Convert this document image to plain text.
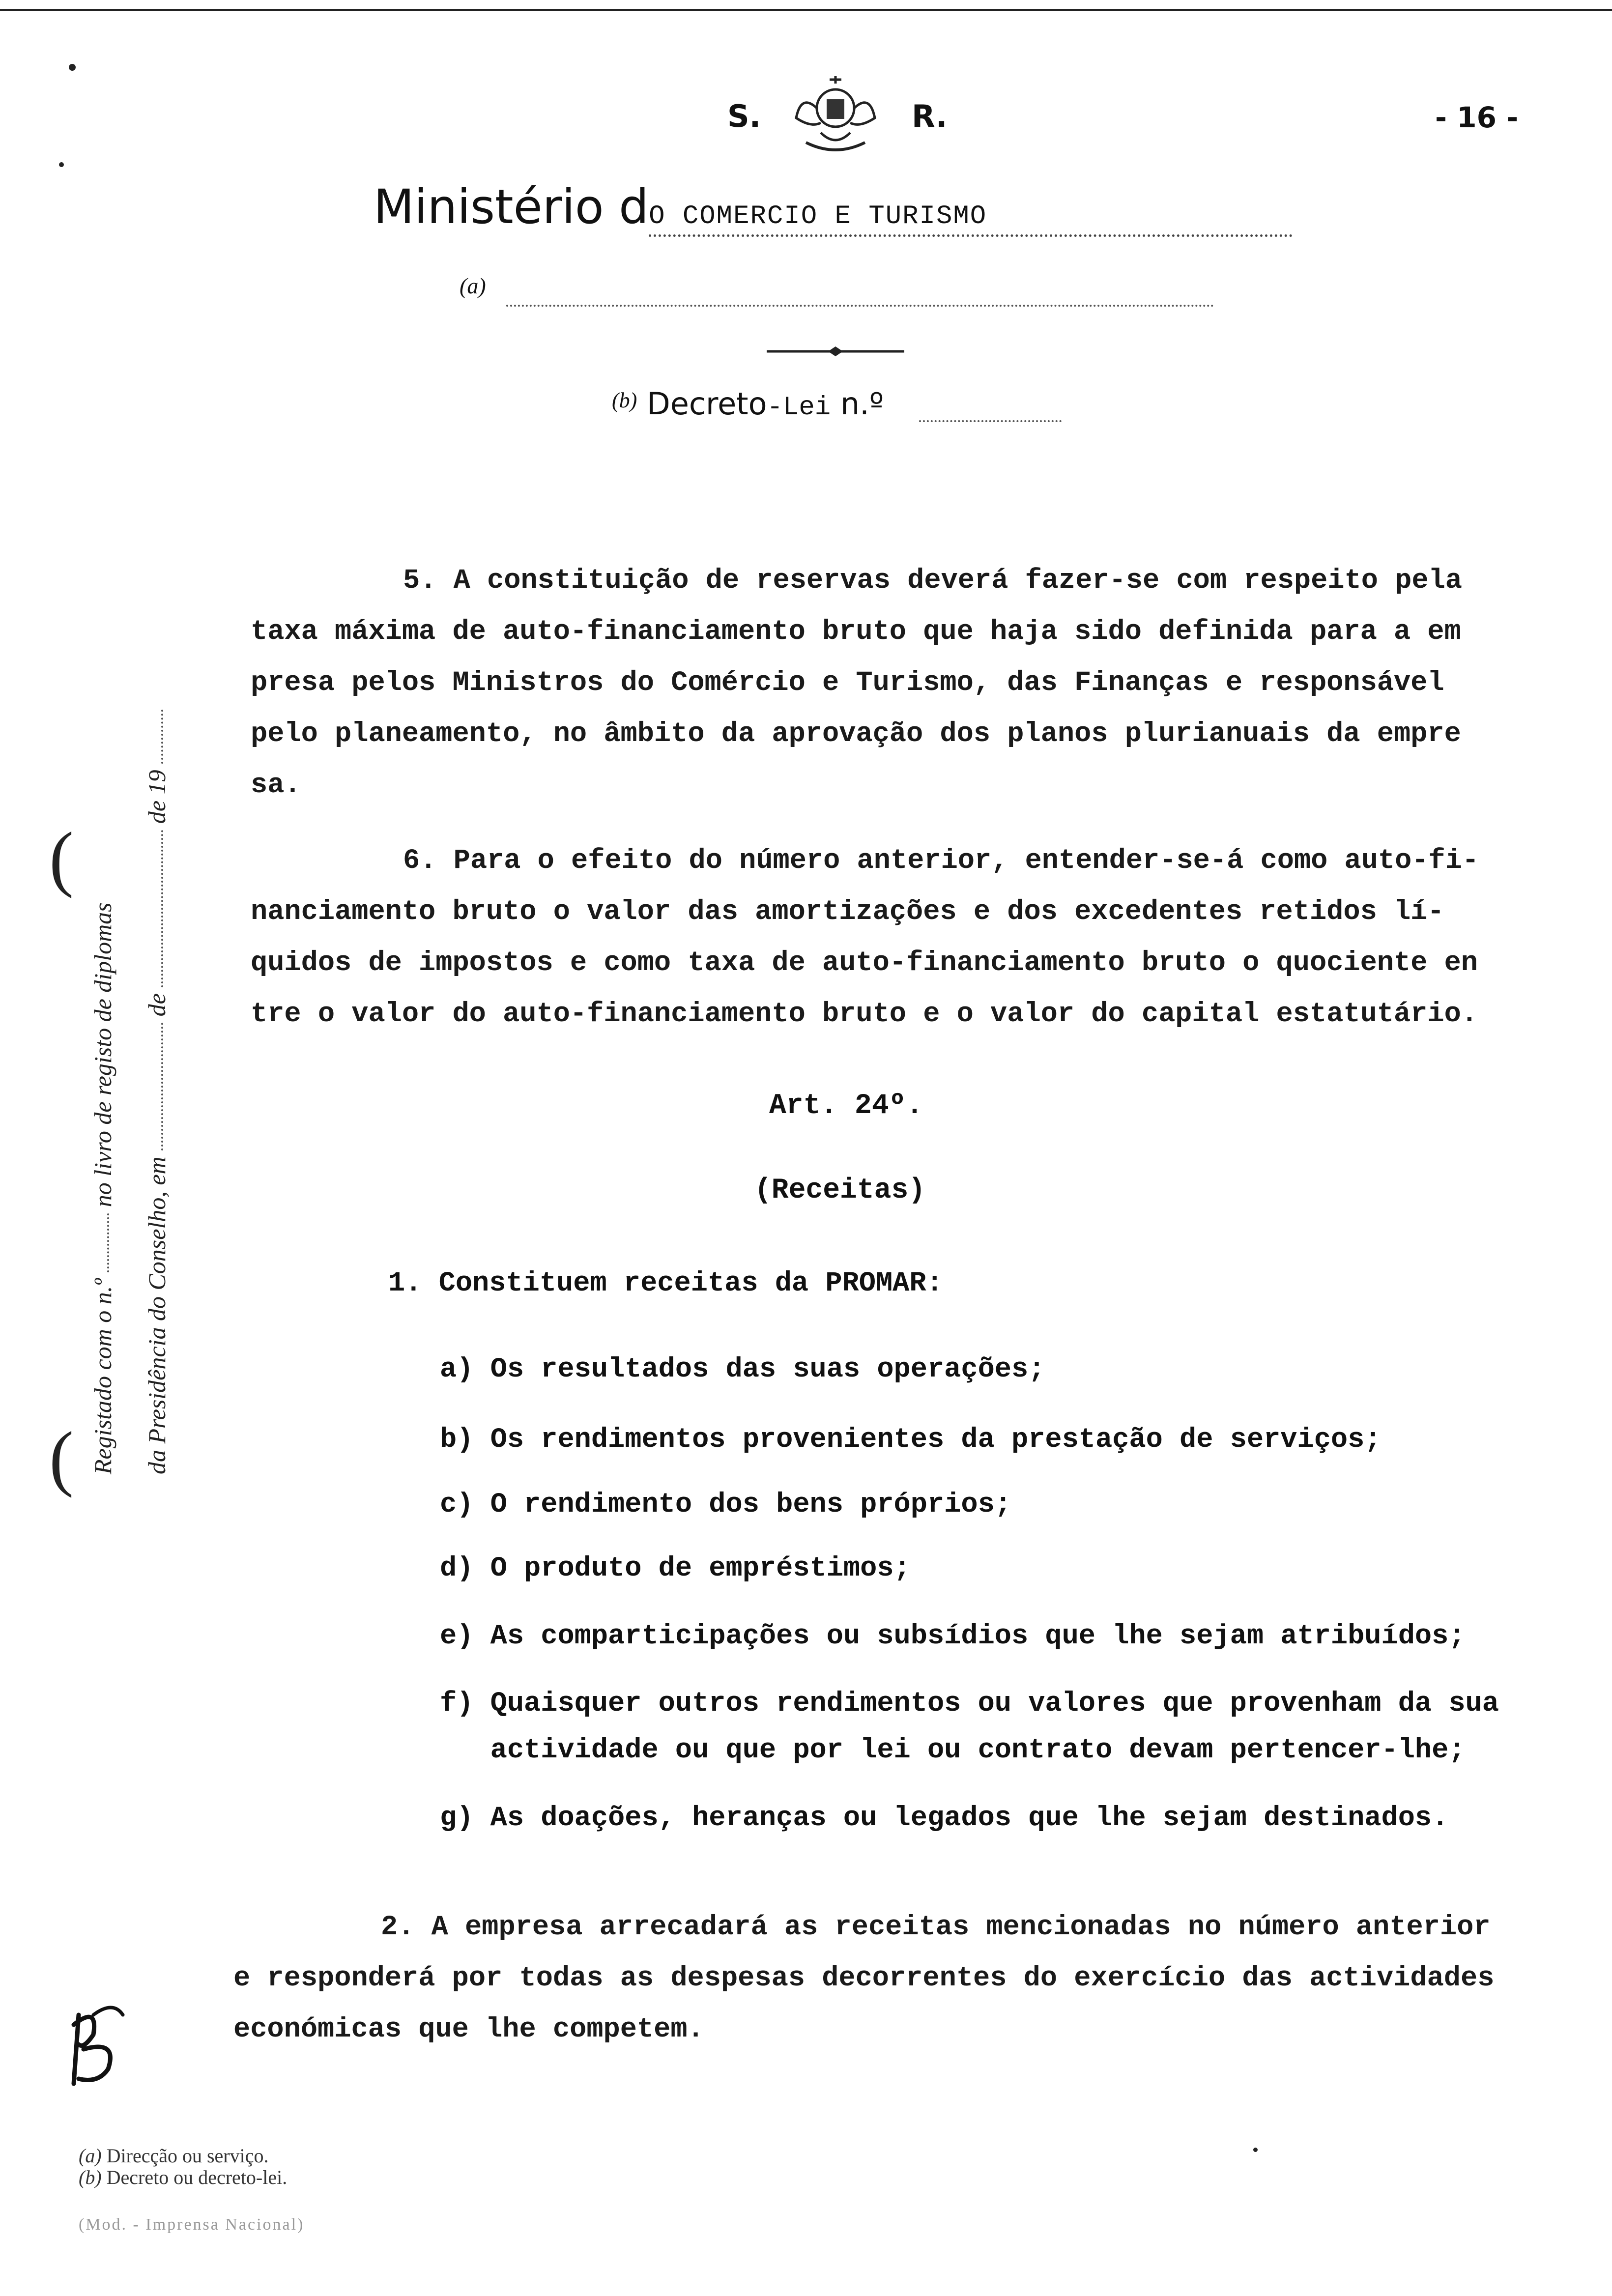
S.	R.	- 16 -
Ministério dO COMERCIO E TURISMO
(a)
$^{(b)}$ Decreto-Lei n.º
Registado com o n.º  no livro de registo de diplomas
da Presidência do Conselho, em  de  de 19
(
(
5. A constituição de reservas deverá fazer-se com respeito pela
taxa máxima de auto-financiamento bruto que haja sido definida para a em
presa pelos Ministros do Comércio e Turismo, das Finanças e responsável
pelo planeamento, no âmbito da aprovação dos planos plurianuais da empre
sa.
6. Para o efeito do número anterior, entender-se-á como auto-fi-
nanciamento bruto o valor das amortizações e dos excedentes retidos lí-
quidos de impostos e como taxa de auto-financiamento bruto o quociente en
tre o valor do auto-financiamento bruto e o valor do capital estatutário.
Art. 24º.
(Receitas)
1. Constituem receitas da PROMAR:
a) Os resultados das suas operações;
b) Os rendimentos provenientes da prestação de serviços;
c) O rendimento dos bens próprios;
d) O produto de empréstimos;
e) As comparticipações ou subsídios que lhe sejam atribuídos;
f) Quaisquer outros rendimentos ou valores que provenham da sua
actividade ou que por lei ou contrato devam pertencer-lhe;
g) As doações, heranças ou legados que lhe sejam destinados.
2. A empresa arrecadará as receitas mencionadas no número anterior
e responderá por todas as despesas decorrentes do exercício das actividades
económicas que lhe competem.
(a) Direcção ou serviço.
(b) Decreto ou decreto-lei.
(Mod. - Imprensa Nacional)
